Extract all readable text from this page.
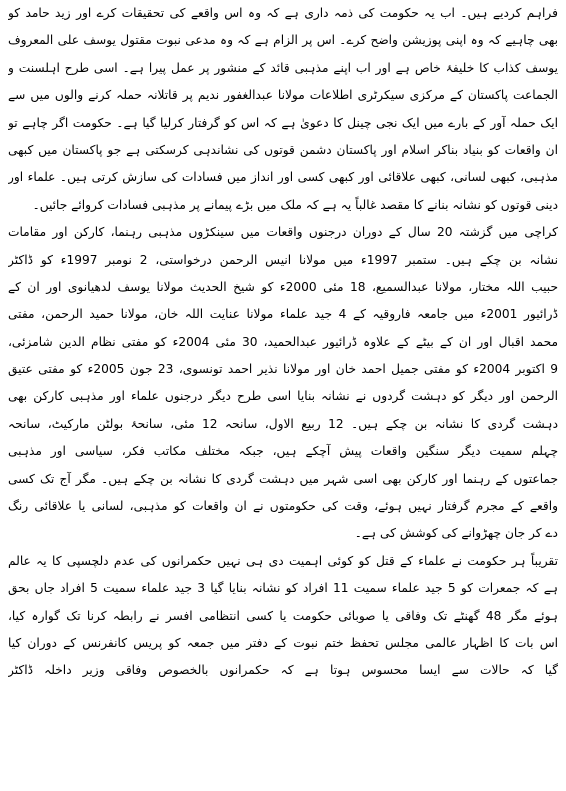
فراہم کردیے ہیں۔ اب یہ حکومت کی ذمہ داری ہے کہ وہ اس واقعے کی تحقیقات کرے اور زید حامد کو
بھی چاہیے کہ وہ اپنی پوزیشن واضح کرے۔ اس پر الزام ہے کہ وہ مدعی نبوت مقتول یوسف علی المعروف
یوسف کذاب کا خلیفۂ خاص ہے اور اب اپنے مذہبی قائد کے منشور پر عمل پیرا ہے۔ اسی طرح اہلسنت و
الجماعت پاکستان کے مرکزی سیکرٹری اطلاعات مولانا عبدالغفور ندیم پر قاتلانہ حملہ کرنے والوں میں سے
ایک حملہ آور کے بارے میں ایک نجی چینل کا دعویٰ ہے کہ اس کو گرفتار کرلیا گیا ہے۔ حکومت اگر چاہے تو
ان واقعات کو بنیاد بناکر اسلام اور پاکستان دشمن قوتوں کی نشاندہی کرسکتی ہے جو پاکستان میں کبھی
مذہبی، کبھی لسانی، کبھی علاقائی اور کبھی کسی اور انداز میں فسادات کی سازش کرتی ہیں۔ علماء اور
دینی قوتوں کو نشانہ بنانے کا مقصد غالباً یہ ہے کہ ملک میں بڑے پیمانے پر مذہبی فسادات کروائے جائیں۔
کراچی میں گزشتہ 20 سال کے دوران درجنوں واقعات میں سینکڑوں مذہبی رہنما، کارکن اور مقامات
نشانہ بن چکے ہیں۔ ستمبر 1997ء میں مولانا انیس الرحمن درخواستی، 2 نومبر 1997ء کو ڈاکٹر
حبیب اللہ مختار، مولانا عبدالسمیع، 18 مئی 2000ء کو شیخ الحدیث مولانا یوسف لدھیانوی اور ان کے
ڈرائیور 2001ء میں جامعہ فاروقیہ کے 4 جید علماء مولانا عنایت اللہ خان، مولانا حمید الرحمن، مفتی
محمد اقبال اور ان کے بیٹے کے علاوہ ڈرائیور عبدالحمید، 30 مئی 2004ء کو مفتی نظام الدین شامزئی،
9 اکتوبر 2004ء کو مفتی جمیل احمد خان اور مولانا نذیر احمد تونسوی، 23 جون 2005ء کو مفتی عتیق
الرحمن اور دیگر کو دہشت گردوں نے نشانہ بنایا اسی طرح دیگر درجنوں علماء اور مذہبی کارکن بھی
دہشت گردی کا نشانہ بن چکے ہیں۔ 12 ربیع الاول، سانحہ 12 مئی، سانحۂ بولٹن مارکیٹ، سانحہ
چہلم سمیت دیگر سنگین واقعات پیش آچکے ہیں، جبکہ مختلف مکاتب فکر، سیاسی اور مذہبی
جماعتوں کے رہنما اور کارکن بھی اسی شہر میں دہشت گردی کا نشانہ بن چکے ہیں۔ مگر آج تک کسی
واقعے کے مجرم گرفتار نہیں ہوئے، وقت کی حکومتوں نے ان واقعات کو مذہبی، لسانی یا علاقائی رنگ
دے کر جان چھڑوانے کی کوشش کی ہے۔
تقریباً ہر حکومت نے علماء کے قتل کو کوئی اہمیت دی ہی نہیں حکمرانوں کی عدم دلچسپی کا یہ عالم
ہے کہ جمعرات کو 5 جید علماء سمیت 11 افراد کو نشانہ بنایا گیا 3 جید علماء سمیت 5 افراد جاں بحق
ہوئے مگر 48 گھنٹے تک وفاقی یا صوبائی حکومت یا کسی انتظامی افسر نے رابطہ کرنا تک گوارہ کیا،
اس بات کا اظہار عالمی مجلس تحفظ ختم نبوت کے دفتر میں جمعہ کو پریس کانفرنس کے دوران کیا
گیا کہ حالات سے ایسا محسوس ہوتا ہے کہ حکمرانوں بالخصوص وفاقی وزیر داخلہ ڈاکٹر
